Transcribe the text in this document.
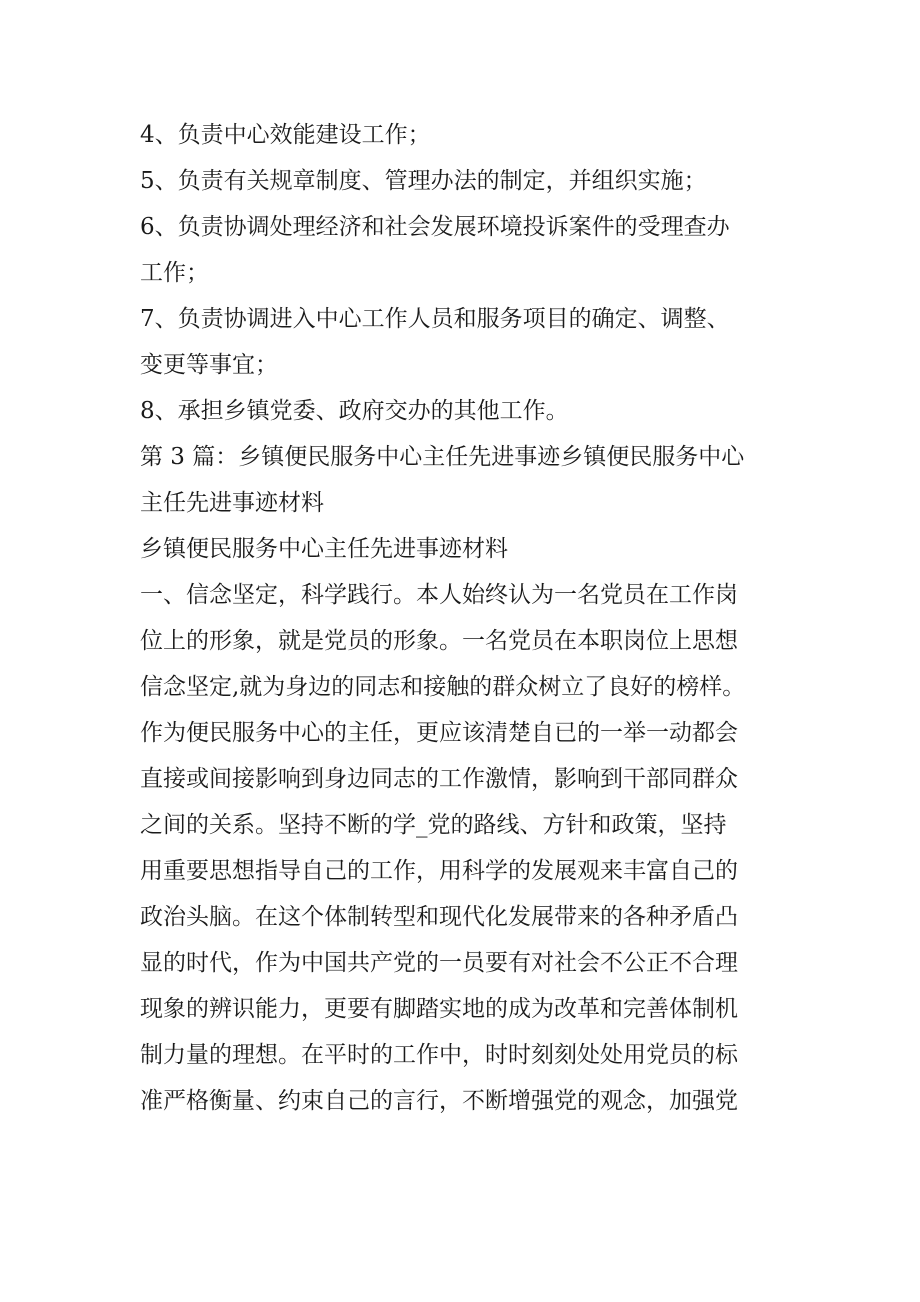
4、负责中心效能建设工作；
5、负责有关规章制度、管理办法的制定，并组织实施；
6、负责协调处理经济和社会发展环境投诉案件的受理查办
工作；
7、负责协调进入中心工作人员和服务项目的确定、调整、
变更等事宜；
8、承担乡镇党委、政府交办的其他工作。
第 3 篇：乡镇便民服务中心主任先进事迹乡镇便民服务中心
主任先进事迹材料
乡镇便民服务中心主任先进事迹材料
一、信念坚定，科学践行。本人始终认为一名党员在工作岗
位上的形象，就是党员的形象。一名党员在本职岗位上思想
信念坚定,就为身边的同志和接触的群众树立了良好的榜样。
作为便民服务中心的主任，更应该清楚自已的一举一动都会
直接或间接影响到身边同志的工作激情，影响到干部同群众
之间的关系。坚持不断的学_党的路线、方针和政策，坚持
用重要思想指导自己的工作，用科学的发展观来丰富自己的
政治头脑。在这个体制转型和现代化发展带来的各种矛盾凸
显的时代，作为中国共产党的一员要有对社会不公正不合理
现象的辨识能力，更要有脚踏实地的成为改革和完善体制机
制力量的理想。在平时的工作中，时时刻刻处处用党员的标
准严格衡量、约束自己的言行，不断增强党的观念，加强党
